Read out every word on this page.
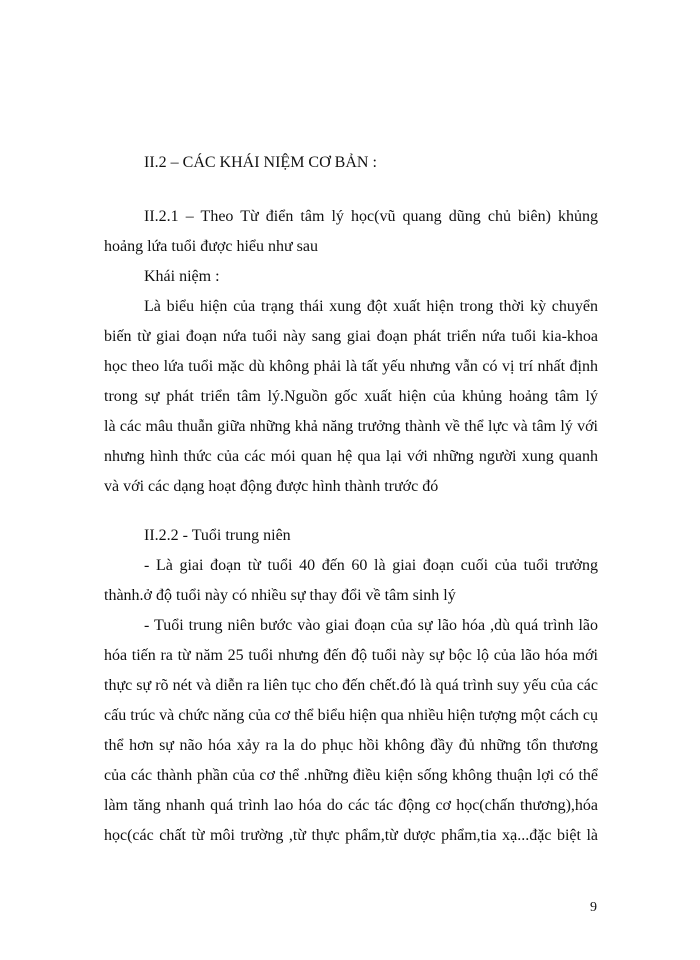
II.2 – CÁC KHÁI NIỆM CƠ BẢN :
II.2.1 – Theo Từ điển tâm lý học(vũ quang dũng chủ biên) khủng
hoảng lứa tuổi được hiểu như sau
Khái niệm :
Là biểu hiện của trạng thái xung đột xuất hiện trong thời kỳ chuyển
biến từ giai đoạn nứa tuổi này sang giai đoạn phát triển nứa tuổi kia-khoa
học theo lứa tuổi mặc dù không phải là tất yếu nhưng vẫn có vị trí nhất định
trong sự phát triển tâm lý.Nguồn gốc xuất hiện của khủng hoảng tâm lý
là các mâu thuẫn giữa những khả năng trưởng thành về thể lực và tâm lý với
nhưng hình thức của các mói quan hệ qua lại với những người xung quanh
và với các dạng hoạt động được hình thành trước đó
II.2.2 - Tuổi trung niên
- Là giai đoạn từ tuổi 40 đến 60 là giai đoạn cuối của tuổi trưởng
thành.ở độ tuổi này có nhiều sự thay đổi về tâm sinh lý
- Tuổi trung niên bước vào giai đoạn của sự lão hóa ,dù quá trình lão
hóa tiến ra từ năm 25 tuổi nhưng đến độ tuổi này sự bộc lộ của lão hóa mới
thực sự rõ nét và diễn ra liên tục cho đến chết.đó là quá trình suy yếu của các
cấu trúc và chức năng của cơ thể biểu hiện qua nhiều hiện tượng một cách cụ
thể hơn sự não hóa xảy ra la do phục hồi không đầy đủ những tổn thương
của các thành phần của cơ thể .những điều kiện sống không thuận lợi có thể
làm tăng nhanh quá trình lao hóa do các tác động cơ học(chấn thương),hóa
học(các chất từ môi trường ,từ thực phẩm,từ dược phẩm,tia xạ...đặc biệt là
9
